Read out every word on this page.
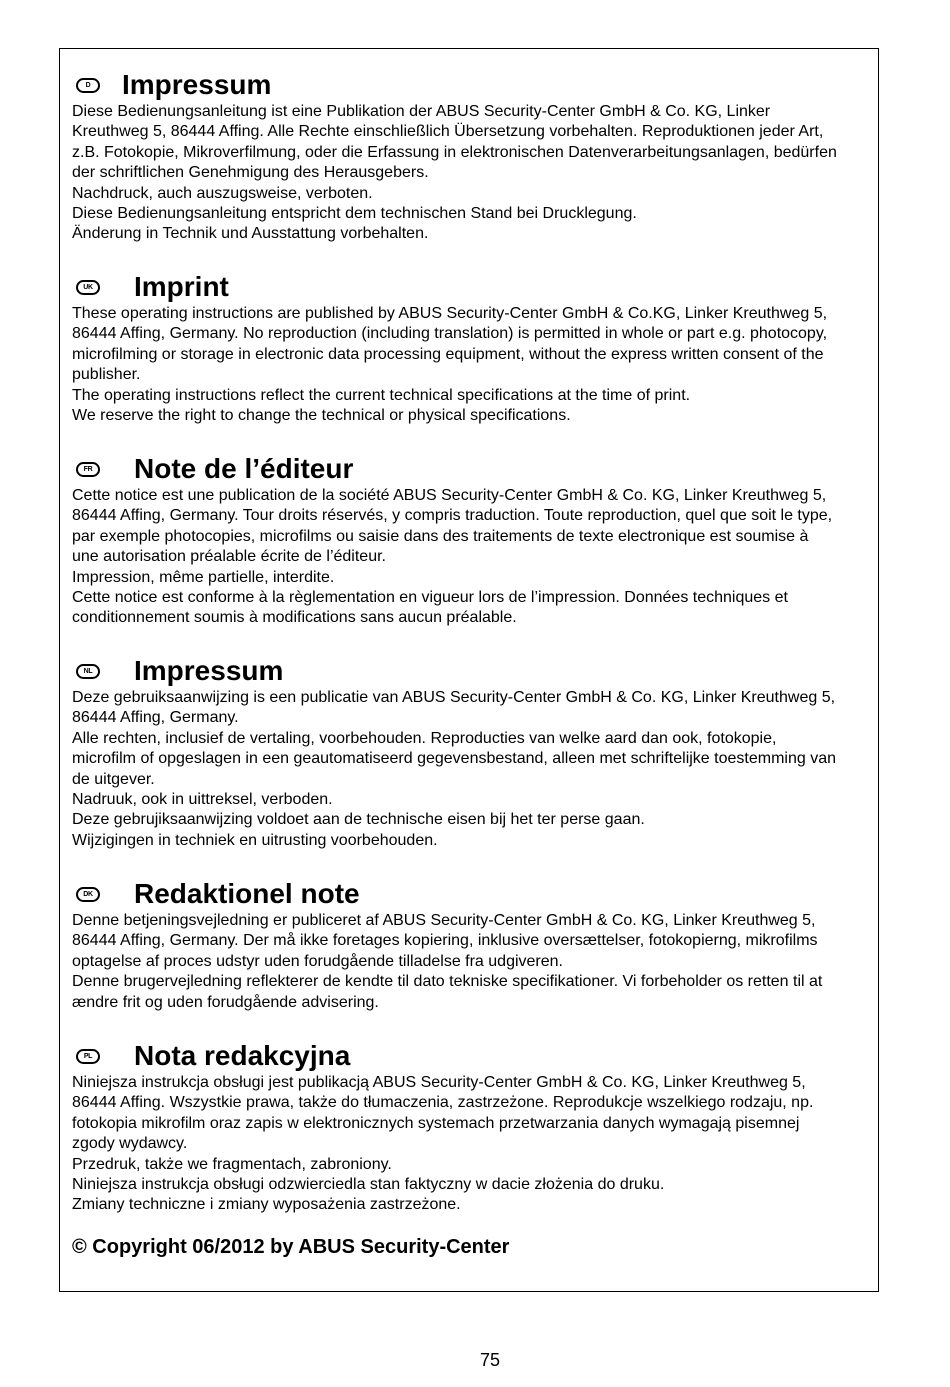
D	Impressum
Diese Bedienungsanleitung ist eine Publikation der ABUS Security-Center GmbH & Co. KG, Linker
Kreuthweg 5, 86444 Affing. Alle Rechte einschließlich Übersetzung vorbehalten. Reproduktionen jeder Art,
z.B. Fotokopie, Mikroverfilmung, oder die Erfassung in elektronischen Datenverarbeitungsanlagen, bedürfen
der schriftlichen Genehmigung des Herausgebers.
Nachdruck, auch auszugsweise, verboten.
Diese Bedienungsanleitung entspricht dem technischen Stand bei Drucklegung.
Änderung in Technik und Ausstattung vorbehalten.
UK Imprint
These operating instructions are published by ABUS Security-Center GmbH & Co.KG, Linker Kreuthweg 5,
86444 Affing, Germany. No reproduction (including translation) is permitted in whole or part e.g. photocopy,
microfilming or storage in electronic data processing equipment, without the express written consent of the
publisher.
The operating instructions reflect the current technical specifications at the time of print.
We reserve the right to change the technical or physical specifications.
FR Note de l’éditeur
Cette notice est une publication de la société ABUS Security-Center GmbH & Co. KG, Linker Kreuthweg 5,
86444 Affing, Germany. Tour droits réservés, y compris traduction. Toute reproduction, quel que soit le type,
par exemple photocopies, microfilms ou saisie dans des traitements de texte electronique est soumise à
une autorisation préalable écrite de l’éditeur.
Impression, même partielle, interdite.
Cette notice est conforme à la règlementation en vigueur lors de l’impression. Données techniques et
conditionnement soumis à modifications sans aucun préalable.
NL Impressum
Deze gebruiksaanwijzing is een publicatie van ABUS Security-Center GmbH & Co. KG, Linker Kreuthweg 5,
86444 Affing, Germany.
Alle rechten, inclusief de vertaling, voorbehouden. Reproducties van welke aard dan ook, fotokopie,
microfilm of opgeslagen in een geautomatiseerd gegevensbestand, alleen met schriftelijke toestemming van
de uitgever.
Nadruuk, ook in uittreksel, verboden.
Deze gebrujiksaanwijzing voldoet aan de technische eisen bij het ter perse gaan.
Wijzigingen in techniek en uitrusting voorbehouden.
DK Redaktionel note
Denne betjeningsvejledning er publiceret af ABUS Security-Center GmbH & Co. KG, Linker Kreuthweg 5,
86444 Affing, Germany. Der må ikke foretages kopiering, inklusive oversættelser, fotokopierng, mikrofilms
optagelse af proces udstyr uden forudgående tilladelse fra udgiveren.
Denne brugervejledning reflekterer de kendte til dato tekniske specifikationer. Vi forbeholder os retten til at
ændre frit og uden forudgående advisering.
PL Nota redakcyjna
Niniejsza instrukcja obsługi jest publikacją ABUS Security-Center GmbH & Co. KG, Linker Kreuthweg 5,
86444 Affing. Wszystkie prawa, także do tłumaczenia, zastrzeżone. Reprodukcje wszelkiego rodzaju, np.
fotokopia mikrofilm oraz zapis w elektronicznych systemach przetwarzania danych wymagają pisemnej
zgody wydawcy.
Przedruk, także we fragmentach, zabroniony.
Niniejsza instrukcja obsługi odzwierciedla stan faktyczny w dacie złożenia do druku.
Zmiany techniczne i zmiany wyposażenia zastrzeżone.
© Copyright 06/2012 by ABUS Security-Center
75
